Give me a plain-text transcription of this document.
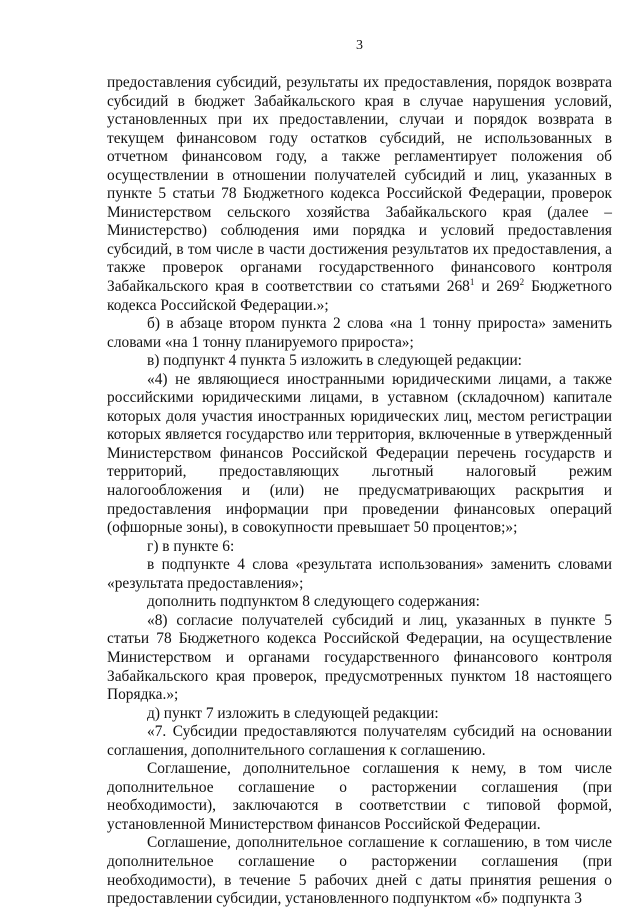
3

предоставления субсидий, результаты их предоставления, порядок возврата субсидий в бюджет Забайкальского края в случае нарушения условий, установленных при их предоставлении, случаи и порядок возврата в текущем финансовом году остатков субсидий, не использованных в отчетном финансовом году, а также регламентирует положения об осуществлении в отношении получателей субсидий и лиц, указанных в пункте 5 статьи 78 Бюджетного кодекса Российской Федерации, проверок Министерством сельского хозяйства Забайкальского края (далее – Министерство) соблюдения ими порядка и условий предоставления субсидий, в том числе в части достижения результатов их предоставления, а также проверок органами государственного финансового контроля Забайкальского края в соответствии со статьями $268^1$ и $269^2$ Бюджетного кодекса Российской Федерации.»;

б) в абзаце втором пункта 2 слова «на 1 тонну прироста» заменить словами «на 1 тонну планируемого прироста»;

в) подпункт 4 пункта 5 изложить в следующей редакции:

«4) не являющиеся иностранными юридическими лицами, а также российскими юридическими лицами, в уставном (складочном) капитале которых доля участия иностранных юридических лиц, местом регистрации которых является государство или территория, включенные в утвержденный Министерством финансов Российской Федерации перечень государств и территорий, предоставляющих льготный налоговый режим налогообложения и (или) не предусматривающих раскрытия и предоставления информации при проведении финансовых операций (офшорные зоны), в совокупности превышает 50 процентов;»;

г) в пункте 6:

в подпункте 4 слова «результата использования» заменить словами «результата предоставления»;

дополнить подпунктом 8 следующего содержания:

«8) согласие получателей субсидий и лиц, указанных в пункте 5 статьи 78 Бюджетного кодекса Российской Федерации, на осуществление Министерством и органами государственного финансового контроля Забайкальского края проверок, предусмотренных пунктом 18 настоящего Порядка.»;

д) пункт 7 изложить в следующей редакции:

«7. Субсидии предоставляются получателям субсидий на основании соглашения, дополнительного соглашения к соглашению.

Соглашение, дополнительное соглашения к нему, в том числе дополнительное соглашение о расторжении соглашения (при необходимости), заключаются в соответствии с типовой формой, установленной Министерством финансов Российской Федерации.

Соглашение, дополнительное соглашение к соглашению, в том числе дополнительное соглашение о расторжении соглашения (при необходимости), в течение 5 рабочих дней с даты принятия решения о предоставлении субсидии, установленного подпунктом «б» подпункта 3
